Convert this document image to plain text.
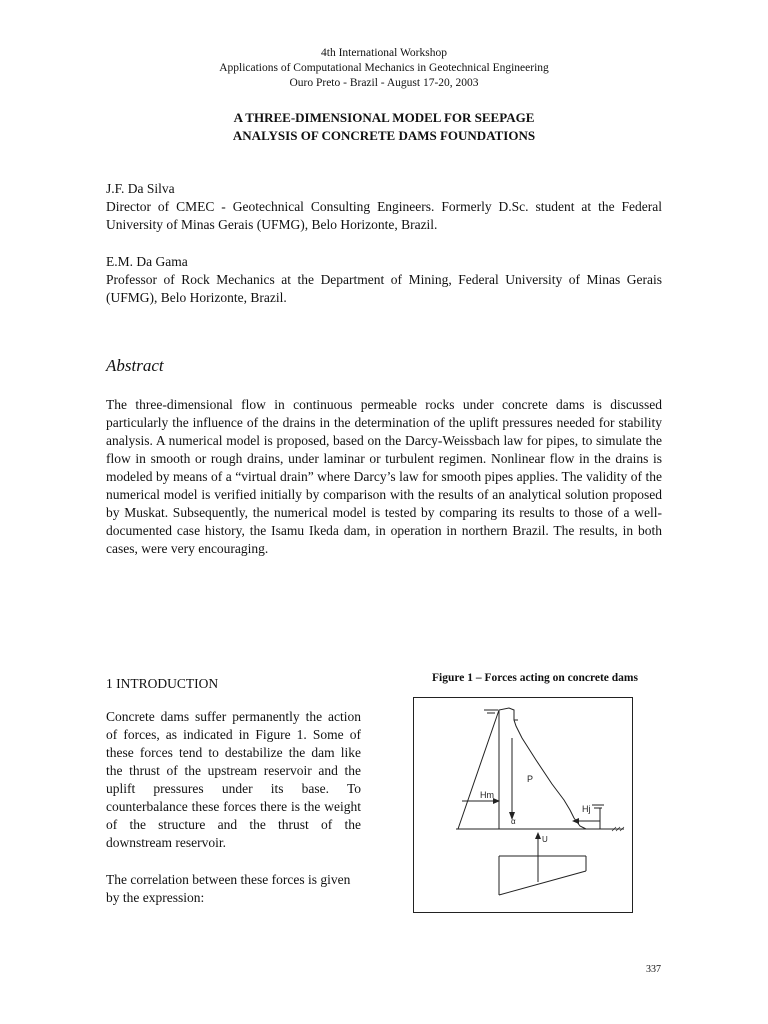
4th International Workshop
Applications of Computational Mechanics in Geotechnical Engineering
Ouro Preto - Brazil - August 17-20, 2003
A THREE-DIMENSIONAL MODEL FOR SEEPAGE
ANALYSIS OF CONCRETE DAMS FOUNDATIONS
J.F. Da Silva
Director of CMEC - Geotechnical Consulting Engineers. Formerly D.Sc. student at the Federal University of Minas Gerais (UFMG), Belo Horizonte, Brazil.
E.M. Da Gama
Professor of Rock Mechanics at the Department of Mining, Federal University of Minas Gerais (UFMG), Belo Horizonte, Brazil.
Abstract
The three-dimensional flow in continuous permeable rocks under concrete dams is discussed particularly the influence of the drains in the determination of the uplift pressures needed for stability analysis. A numerical model is proposed, based on the Darcy-Weissbach law for pipes, to simulate the flow in smooth or rough drains, under laminar or turbulent regimen. Nonlinear flow in the drains is modeled by means of a “virtual drain” where Darcy’s law for smooth pipes applies. The validity of the numerical model is verified initially by comparison with the results of an analytical solution proposed by Muskat. Subsequently, the numerical model is tested by comparing its results to those of a well-documented case history, the Isamu Ikeda dam, in operation in northern Brazil. The results, in both cases, were very encouraging.
1 INTRODUCTION
Concrete dams suffer permanently the action of forces, as indicated in Figure 1. Some of these forces tend to destabilize the dam like the thrust of the upstream reservoir and the uplift pressures under its base. To counterbalance these forces there is the weight of the structure and the thrust of the downstream reservoir.
The correlation between these forces is given by the expression:
Figure 1 – Forces acting on concrete dams
Hm
P
Hj
α
U
337
